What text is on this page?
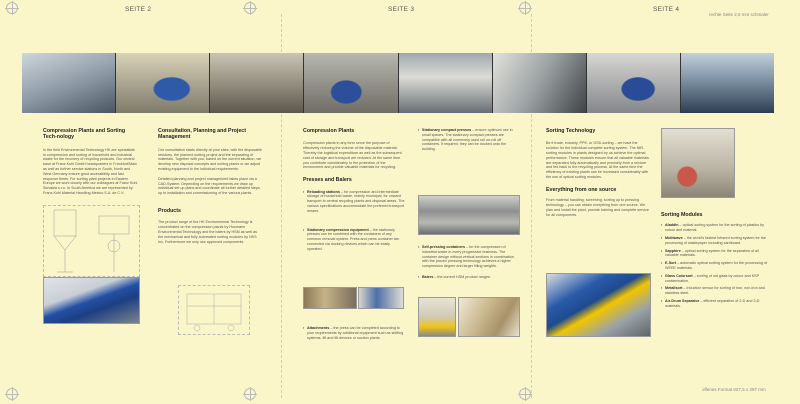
SEITE 2	SEITE 3	SEITE 4
rechte Seite 2,5 mm schmaler
offenes Format 627,5 x 297 mm
Compression Plants and Sorting Tech-nology

In the field Environmental Technology HK are specialists in compression and sorting of household and industrial waste for the recovery of recycling products. Our central base at Franz Kuhl GmbH headquarters in Frankfurt/Main as well as further service stations in South, North and West Germany ensure good accessibility and fast response times. For sorting plant projects in Eastern Europe we work closely with our colleagues at Franz Kuhl Slovakia s.r.o. In South America we are represented by Franz Kuhl Material Handling Mexico S.A. de C.V.

Consultation, Planning and Project Management

Our consultation starts directly at your sites, with the disposable residues, the planned sorting project and the separating of materials. Together with you, based on the current situation, we develop new disposal concepts and sorting plants or we adjust existing equipment to the individual requirements.

Detailed planning and project management takes place via a CAD-System. Depending on the requirements we draw up individual set up plans and coordinate all further detailed steps up to installation and commissioning of the various plants.

Products

The product range of the HK Environmental Technology is concentrated on the compression plants by Husmann Environmental Technology and the balers by HSM as well as the mechanical and fully automated sorting modules by NSS Inc. Furthermore we only use approved components.

Compression Plants

Compression plants in any form serve the purpose of effectively reducing the volume of the disposable material. Thereby the logistical expenditure as well as the subsequent cost of storage and transport are reduced. At the same time you contribute considerably to the protection of the environment and provide valuable materials for recycling.

Presses and Balers

▪ Reloading stations – for compression and intermediate storage of household waste, mainly municipal, for onward transport to central recycling plants and disposal areas. The various specifications accommodate the preferred transport means.

▪ Stationary compression equipment – the stationary presses can be combined with the containers of any common removal system. Press and press container are connected via docking devices which can be easily operated.

▪ Attachments – the press can be completed according to your requirements by additional equipment such as shifting systems, lift and tilt devices or suction plants.

▪ Stationary compact presses – ensure optimum use in small spaces. The stationary compact presses are compatible with all commonly used roll on-roll off containers. If required, they can be docked onto the building.

▪ Self-pressing containers – for the compression of industrial waste in every progressive business. The container design without vertical sections in combination with the proven pressing technology achieves a higher compression degree and larger filling weights.

▪ Balers – the current HSM product ranges.

Sorting Technology

Be it trade, industry, PPK- or DSD-sorting – we have the solution for the individual complete sorting system. The NIR-sorting modules in plants designed by us achieve the optimal performance. These modules ensure that all valuable materials are separated fully automatically and precisely from a mixture and fed back to the recycling process. At the same time the efficiency of existing plants can be increased considerably with the use of optical sorting modules.

Everything from one source

From material handling, screening, sorting up to pressing technology – you can obtain everything from one source. We plan and install the plant, provide training and complete service for all components.	Sorting Modules

▪ Aladdin – optical sorting system for the sorting of plastics by colour and material.

▪ Multiwave – the world's fastest infrared sorting system for the processing of wastepaper including cardboard.

▪ Sapphire – optical sorting system for the separation of all valuable materials.

▪ E-Sort – automatic optical sorting system for the processing of WEEE materials.

▪ Glass Colorsort – sorting of old glass by colour and KSP contamination.

▪ Metallsort – induction sensor for sorting of iron, non-iron and stainless steel.

▪ Air-Drum Separator – efficient separation of 2-D and 3-D materials.
